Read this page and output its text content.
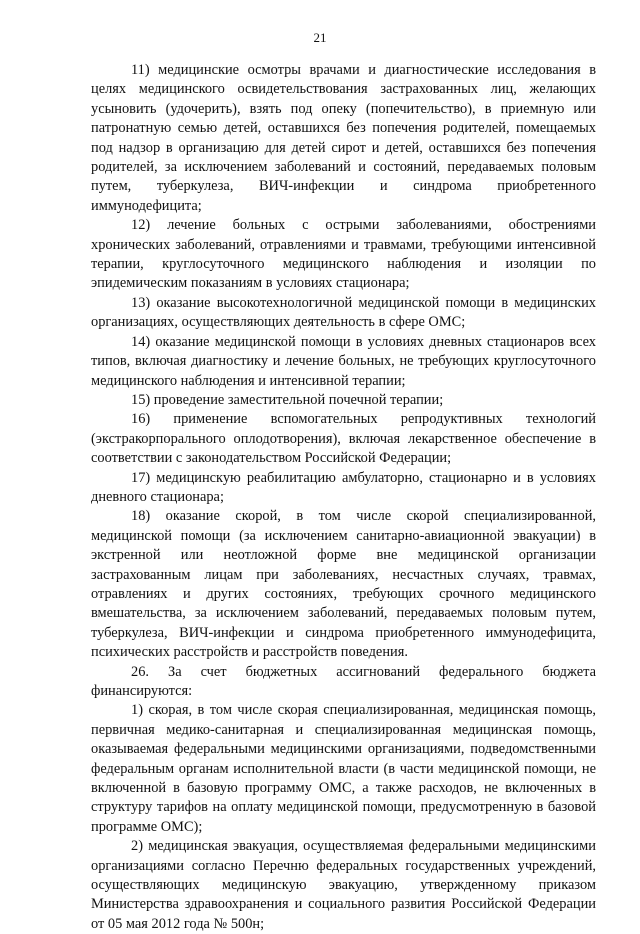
21

11) медицинские осмотры врачами и диагностические исследования в целях медицинского освидетельствования застрахованных лиц, желающих усыновить (удочерить), взять под опеку (попечительство), в приемную или патронатную семью детей, оставшихся без попечения родителей, помещаемых под надзор в организацию для детей сирот и детей, оставшихся без попечения родителей, за исключением заболеваний и состояний, передаваемых половым путем, туберкулеза, ВИЧ-инфекции и синдрома приобретенного иммунодефицита;

12) лечение больных с острыми заболеваниями, обострениями хронических заболеваний, отравлениями и травмами, требующими интенсивной терапии, круглосуточного медицинского наблюдения и изоляции по эпидемическим показаниям в условиях стационара;

13) оказание высокотехнологичной медицинской помощи в медицинских организациях, осуществляющих деятельность в сфере ОМС;

14) оказание медицинской помощи в условиях дневных стационаров всех типов, включая диагностику и лечение больных, не требующих круглосуточного медицинского наблюдения и интенсивной терапии;

15) проведение заместительной почечной терапии;

16) применение вспомогательных репродуктивных технологий (экстракорпорального оплодотворения), включая лекарственное обеспечение в соответствии с законодательством Российской Федерации;

17) медицинскую реабилитацию амбулаторно, стационарно и в условиях дневного стационара;

18) оказание скорой, в том числе скорой специализированной, медицинской помощи (за исключением санитарно-авиационной эвакуации) в экстренной или неотложной форме вне медицинской организации застрахованным лицам при заболеваниях, несчастных случаях, травмах, отравлениях и других состояниях, требующих срочного медицинского вмешательства, за исключением заболеваний, передаваемых половым путем, туберкулеза, ВИЧ-инфекции и синдрома приобретенного иммунодефицита, психических расстройств и расстройств поведения.

26. За счет бюджетных ассигнований федерального бюджета финансируются:

1) скорая, в том числе скорая специализированная, медицинская помощь, первичная медико-санитарная и специализированная медицинская помощь, оказываемая федеральными медицинскими организациями, подведомственными федеральным органам исполнительной власти (в части медицинской помощи, не включенной в базовую программу ОМС, а также расходов, не включенных в структуру тарифов на оплату медицинской помощи, предусмотренную в базовой программе ОМС);

2) медицинская эвакуация, осуществляемая федеральными медицинскими организациями согласно Перечню федеральных государственных учреждений, осуществляющих медицинскую эвакуацию, утвержденному приказом Министерства здравоохранения и социального развития Российской Федерации от 05 мая 2012 года № 500н;
